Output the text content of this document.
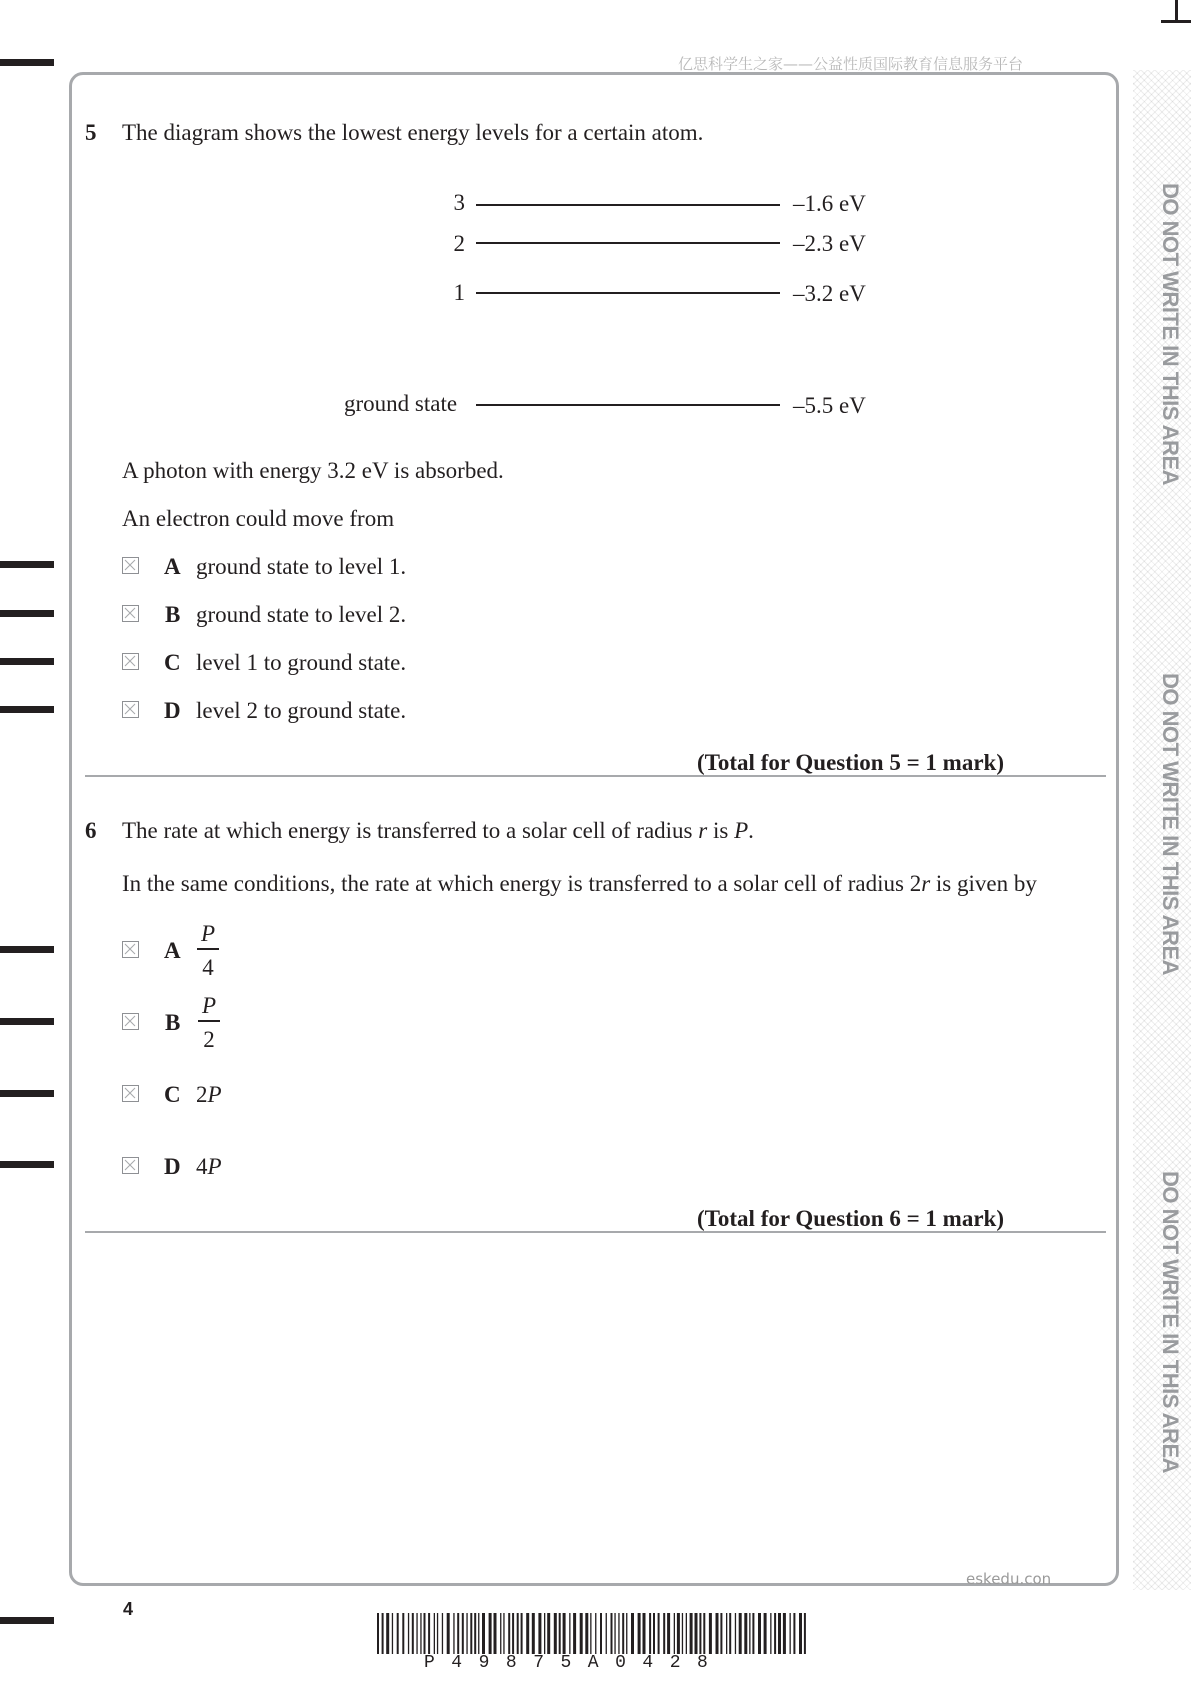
亿思科学生之家——公益性质国际教育信息服务平台
DO NOT WRITE IN THIS AREA
DO NOT WRITE IN THIS AREA
DO NOT WRITE IN THIS AREA
5 The diagram shows the lowest energy levels for a certain atom.
3	–1.6 eV
2	–2.3 eV
1	–3.2 eV
ground state	–5.5 eV
A photon with energy 3.2 eV is absorbed.
An electron could move from
A ground state to level 1.
B ground state to level 2.
C level 1 to ground state.
D level 2 to ground state.
(Total for Question 5 = 1 mark)
6 The rate at which energy is transferred to a solar cell of radius r is P.
In the same conditions, the rate at which energy is transferred to a solar cell of radius 2r is given by
A
P
4
B
P
2
C 2P
D 4P
(Total for Question 6 = 1 mark)
eskedu.con
4
P49875A0428
